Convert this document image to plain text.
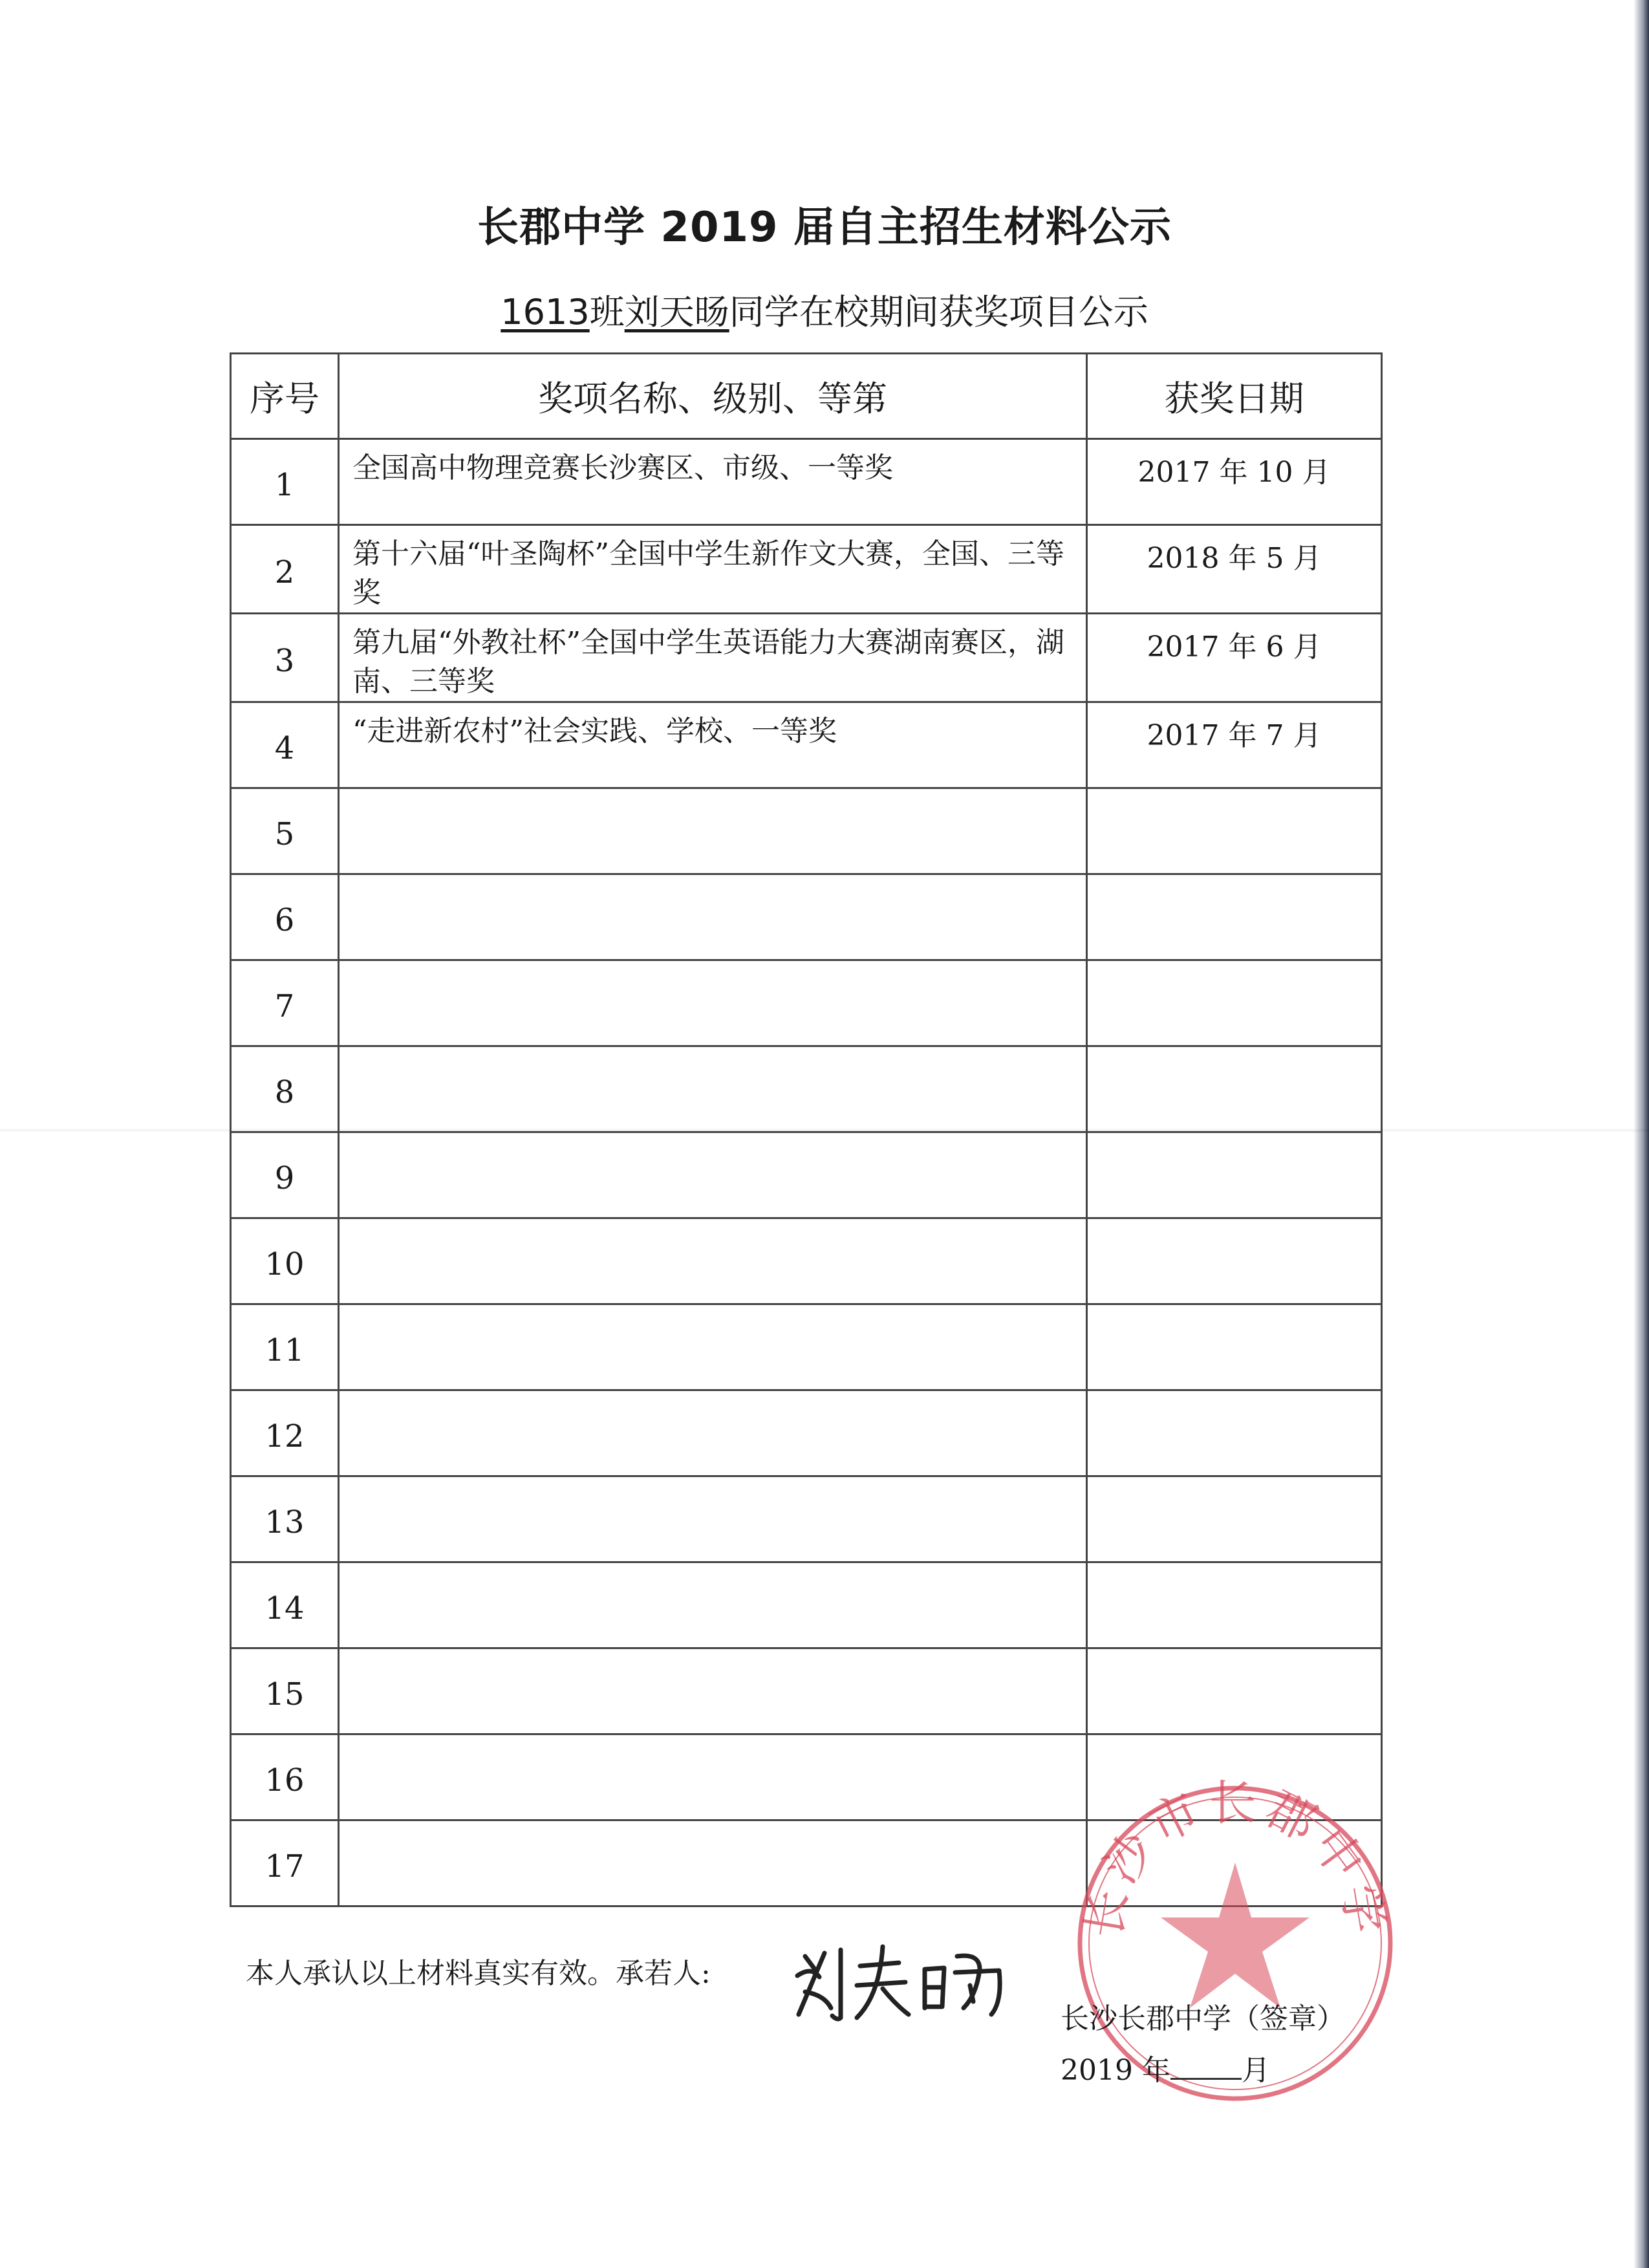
长郡中学 2019 届自主招生材料公示
1613班刘天旸同学在校期间获奖项目公示
序号	奖项名称、级别、等第	获奖日期
1	全国高中物理竞赛长沙赛区、市级、一等奖	2017 年 10 月
2	第十六届“叶圣陶杯”全国中学生新作文大赛，全国、三等奖	2018 年 5 月
3	第九届“外教社杯”全国中学生英语能力大赛湖南赛区，湖南、三等奖	2017 年 6 月
4	“走进新农村”社会实践、学校、一等奖	2017 年 7 月
5		
6		
7		
8		
9		
10		
11		
12		
13		
14		
15		
16		
17		
本人承认以上材料真实有效。承若人:
长沙市长郡中学
长沙长郡中学（签章）
2019 年	月
